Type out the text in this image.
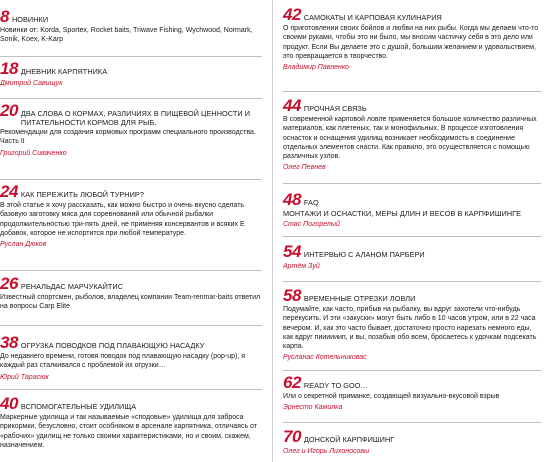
8 НОВИНКИ
Новинки от: Korda, Sportex, Rocket baits, Triwave Fishing, Wychwood, Normark, Sonik, Koex, K-Karp
18 ДНЕВНИК КАРПЯТНИКА
Дмитрий Савищук
20 ДВА СЛОВА О КОРМАХ, РАЗЛИЧИЯХ В ПИЩЕВОЙ ЦЕННОСТИ И ПИТАТЕЛЬНОСТИ КОРМОВ ДЛЯ РЫБ.
Рекомендации для создания кормовых программ специального производства. Часть II
Григорий Сиваченко
24 КАК ПЕРЕЖИТЬ ЛЮБОЙ ТУРНИР?
В этой статье я хочу рассказать, как можно быстро и очень вкусно сделать базовую заготовку мяса для соревнований или обычной рыбалки продолжительностью три-пять дней, не применяя консервантов и всяких Е добавок, которое не испортится при любой температуре.
Руслан Дюков
26 РЕНАЛЬДАС МАРЧУКАЙТИС
Известный спортсмен, рыболов, владелец компании Team-renmar-baits ответил на вопросы Carp Elite
38 ОГРУЗКА ПОВОДКОВ ПОД ПЛАВАЮЩУЮ НАСАДКУ
До недавнего времени, готовя поводок под плавающую насадку (pop-up), я каждый раз сталкивался с проблемой их огрузки…
Юрий Тарасюк
40 ВСПОМОГАТЕЛЬНЫЕ УДИЛИЩА
Маркерные удилища и так называемые «сподовые» удилища для заброса прикормки, безусловно, стоит особняком в арсенале карпятника, отличаясь от «рабочих» удилищ не только своими характеристиками, но и своим, скажем, назначением.
42 САМОКАТЫ И КАРПОВАЯ КУЛИНАРИЯ
О приготовлении своих бойлов и любви на них рыбы. Когда мы делаем что-то своими руками, чтобы это ни было, мы вносим частичку себя в это дело или продукт. Если Вы делаете это с душой, большим желанием и удовольствием, это превращается в творчество.
Владимир Павленко
44 ПРОЧНАЯ СВЯЗЬ
В современной карповой ловле применяется большое количество различных материалов, как плетеных, так и монофильных. В процессе изготовления оснасток и оснащения удилищ возникает необходимость в соединение отдельных элементов снасти. Как правило, это осуществляется с помощью различных узлов.
Олег Певнев
48 FAQ
МОНТАЖИ И ОСНАСТКИ, МЕРЫ ДЛИН И ВЕСОВ В КАРПФИШИНГЕ
Стас Погорелый
54 ИНТЕРВЬЮ С АЛАНОМ ПАРБЕРИ
Артём Зуй
58 ВРЕМЕННЫЕ ОТРЕЗКИ ЛОВЛИ
Подумайте, как часто, прибыв на рыбалку, вы вдруг захотели что-нибудь перекусить. И эти «закуски» могут быть либо в 10 часов утром, или в 22 часа вечером. И, как это часто бывает, достаточно просто нарезать немного еды, как вдруг пиииииип, и вы, позабыв обо всем, бросаетесь к удочкам подсекать карпа.
Русланас Котельниковас
62 READY TO GOO…
Или о секретной приманке, создающей визуально-вкусовой взрыв
Эрнесто Камилка
70 ДОНСКОЙ КАРПФИШИНГ
Олег и Игорь Лихоносовы
